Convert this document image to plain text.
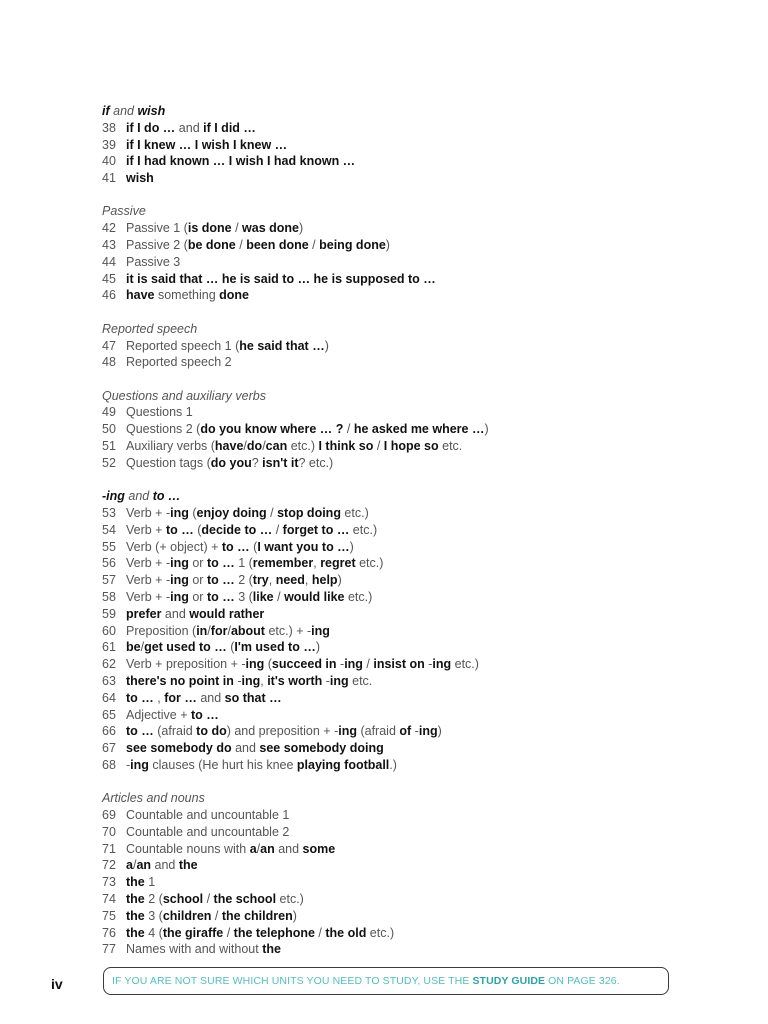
if and wish
38 if I do … and if I did …
39 if I knew … I wish I knew …
40 if I had known … I wish I had known …
41 wish
Passive
42 Passive 1 (is done / was done)
43 Passive 2 (be done / been done / being done)
44 Passive 3
45 it is said that … he is said to … he is supposed to …
46 have something done
Reported speech
47 Reported speech 1 (he said that …)
48 Reported speech 2
Questions and auxiliary verbs
49 Questions 1
50 Questions 2 (do you know where … ? / he asked me where …)
51 Auxiliary verbs (have/do/can etc.) I think so / I hope so etc.
52 Question tags (do you? isn't it? etc.)
-ing and to …
53 Verb + -ing (enjoy doing / stop doing etc.)
54 Verb + to … (decide to … / forget to … etc.)
55 Verb (+ object) + to … (I want you to …)
56 Verb + -ing or to … 1 (remember, regret etc.)
57 Verb + -ing or to … 2 (try, need, help)
58 Verb + -ing or to … 3 (like / would like etc.)
59 prefer and would rather
60 Preposition (in/for/about etc.) + -ing
61 be/get used to … (I'm used to …)
62 Verb + preposition + -ing (succeed in -ing / insist on -ing etc.)
63 there's no point in -ing, it's worth -ing etc.
64 to … , for … and so that …
65 Adjective + to …
66 to … (afraid to do) and preposition + -ing (afraid of -ing)
67 see somebody do and see somebody doing
68 -ing clauses (He hurt his knee playing football.)
Articles and nouns
69 Countable and uncountable 1
70 Countable and uncountable 2
71 Countable nouns with a/an and some
72 a/an and the
73 the 1
74 the 2 (school / the school etc.)
75 the 3 (children / the children)
76 the 4 (the giraffe / the telephone / the old etc.)
77 Names with and without the
iv	IF YOU ARE NOT SURE WHICH UNITS YOU NEED TO STUDY, USE THE STUDY GUIDE ON PAGE 326.
